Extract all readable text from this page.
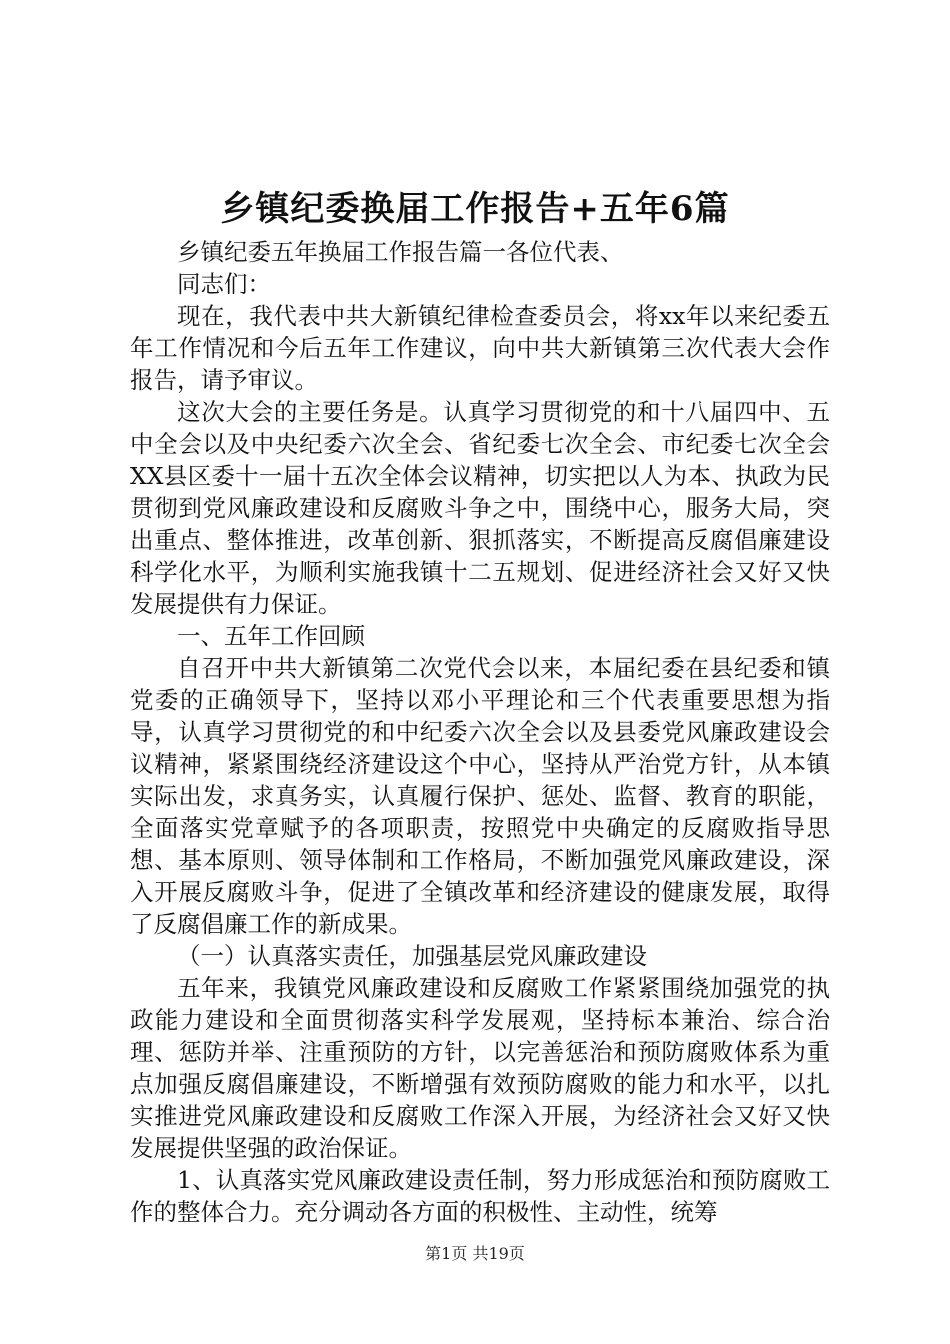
乡镇纪委换届工作报告+五年6篇

乡镇纪委五年换届工作报告篇一各位代表、

同志们：

现在，我代表中共大新镇纪律检查委员会，将xx年以来纪委五年工作情况和今后五年工作建议，向中共大新镇第三次代表大会作报告，请予审议。

这次大会的主要任务是。认真学习贯彻党的和十八届四中、五中全会以及中央纪委六次全会、省纪委七次全会、市纪委七次全会XX县区委十一届十五次全体会议精神，切实把以人为本、执政为民贯彻到党风廉政建设和反腐败斗争之中，围绕中心，服务大局，突出重点、整体推进，改革创新、狠抓落实，不断提高反腐倡廉建设科学化水平，为顺利实施我镇十二五规划、促进经济社会又好又快发展提供有力保证。

一、五年工作回顾

自召开中共大新镇第二次党代会以来，本届纪委在县纪委和镇党委的正确领导下，坚持以邓小平理论和三个代表重要思想为指导，认真学习贯彻党的和中纪委六次全会以及县委党风廉政建设会议精神，紧紧围绕经济建设这个中心，坚持从严治党方针，从本镇实际出发，求真务实，认真履行保护、惩处、监督、教育的职能，全面落实党章赋予的各项职责，按照党中央确定的反腐败指导思想、基本原则、领导体制和工作格局，不断加强党风廉政建设，深入开展反腐败斗争，促进了全镇改革和经济建设的健康发展，取得了反腐倡廉工作的新成果。

（一）认真落实责任，加强基层党风廉政建设

五年来，我镇党风廉政建设和反腐败工作紧紧围绕加强党的执政能力建设和全面贯彻落实科学发展观，坚持标本兼治、综合治理、惩防并举、注重预防的方针，以完善惩治和预防腐败体系为重点加强反腐倡廉建设，不断增强有效预防腐败的能力和水平，以扎实推进党风廉政建设和反腐败工作深入开展，为经济社会又好又快发展提供坚强的政治保证。

1、认真落实党风廉政建设责任制，努力形成惩治和预防腐败工作的整体合力。充分调动各方面的积极性、主动性，统筹

第1页 共19页
